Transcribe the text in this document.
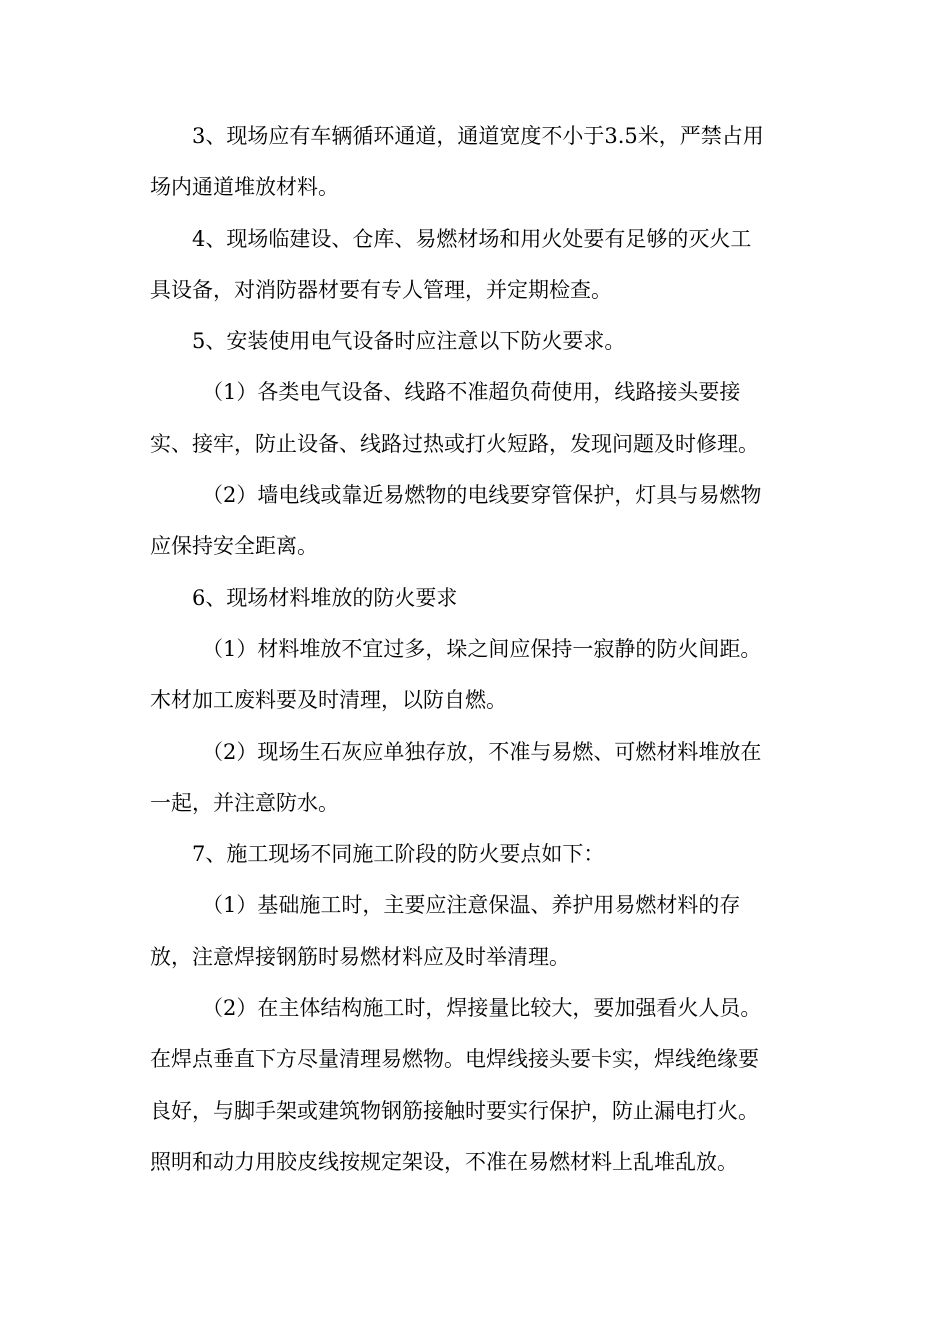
3、现场应有车辆循环通道，通道宽度不小于3.5米，严禁占用
场内通道堆放材料。
4、现场临建设、仓库、易燃材场和用火处要有足够的灭火工
具设备，对消防器材要有专人管理，并定期检查。
5、安装使用电气设备时应注意以下防火要求。
（1）各类电气设备、线路不准超负荷使用，线路接头要接
实、接牢，防止设备、线路过热或打火短路，发现问题及时修理。
（2）墙电线或靠近易燃物的电线要穿管保护，灯具与易燃物
应保持安全距离。
6、现场材料堆放的防火要求
（1）材料堆放不宜过多，垛之间应保持一寂静的防火间距。
木材加工废料要及时清理，以防自燃。
（2）现场生石灰应单独存放，不准与易燃、可燃材料堆放在
一起，并注意防水。
7、施工现场不同施工阶段的防火要点如下：
（1）基础施工时，主要应注意保温、养护用易燃材料的存
放，注意焊接钢筋时易燃材料应及时举清理。
（2）在主体结构施工时，焊接量比较大，要加强看火人员。
在焊点垂直下方尽量清理易燃物。电焊线接头要卡实，焊线绝缘要
良好，与脚手架或建筑物钢筋接触时要实行保护，防止漏电打火。
照明和动力用胶皮线按规定架设，不准在易燃材料上乱堆乱放。
